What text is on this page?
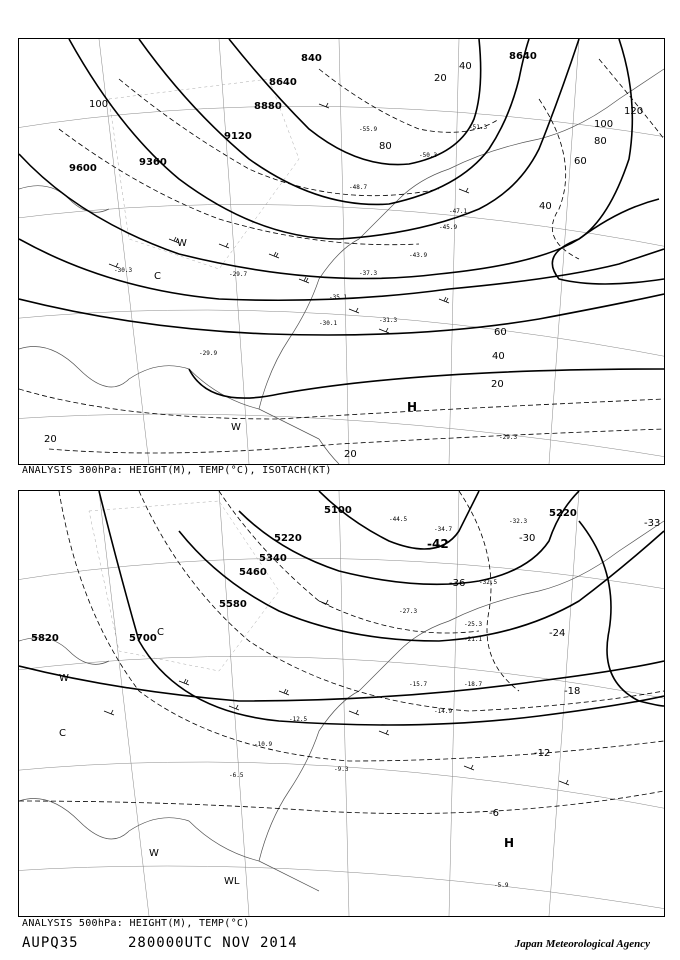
840
8640
8880
9120
9360
9600
8640
20
40
60
80
100
120
80
60
40
20
100
40
20
20
H
C
W
W
-55.9	-51.3
-50.3
-48.7
-47.1
-45.9
-43.9
-37.3
-35.1
-31.3
-30.1
-30.3
-29.9
-29.7
-29.3
ANALYSIS 300hPa: HEIGHT(M), TEMP(°C), ISOTACH(KT)
5100
5220
5340
5460
5580
5700
5820
5220
-42
-36
-30
-24
-18
-12
-6
-33
H
C
W
W
WL
C
-44.5
-34.7
-32.3
-32.5
-27.3
-25.3
-21.1
-18.7
-15.7
-14.9
-12.5
-10.9
-9.3
-6.5
-5.9
ANALYSIS 500hPa: HEIGHT(M), TEMP(°C)
AUPQ35	280000UTC NOV 2014	Japan Meteorological Agency
